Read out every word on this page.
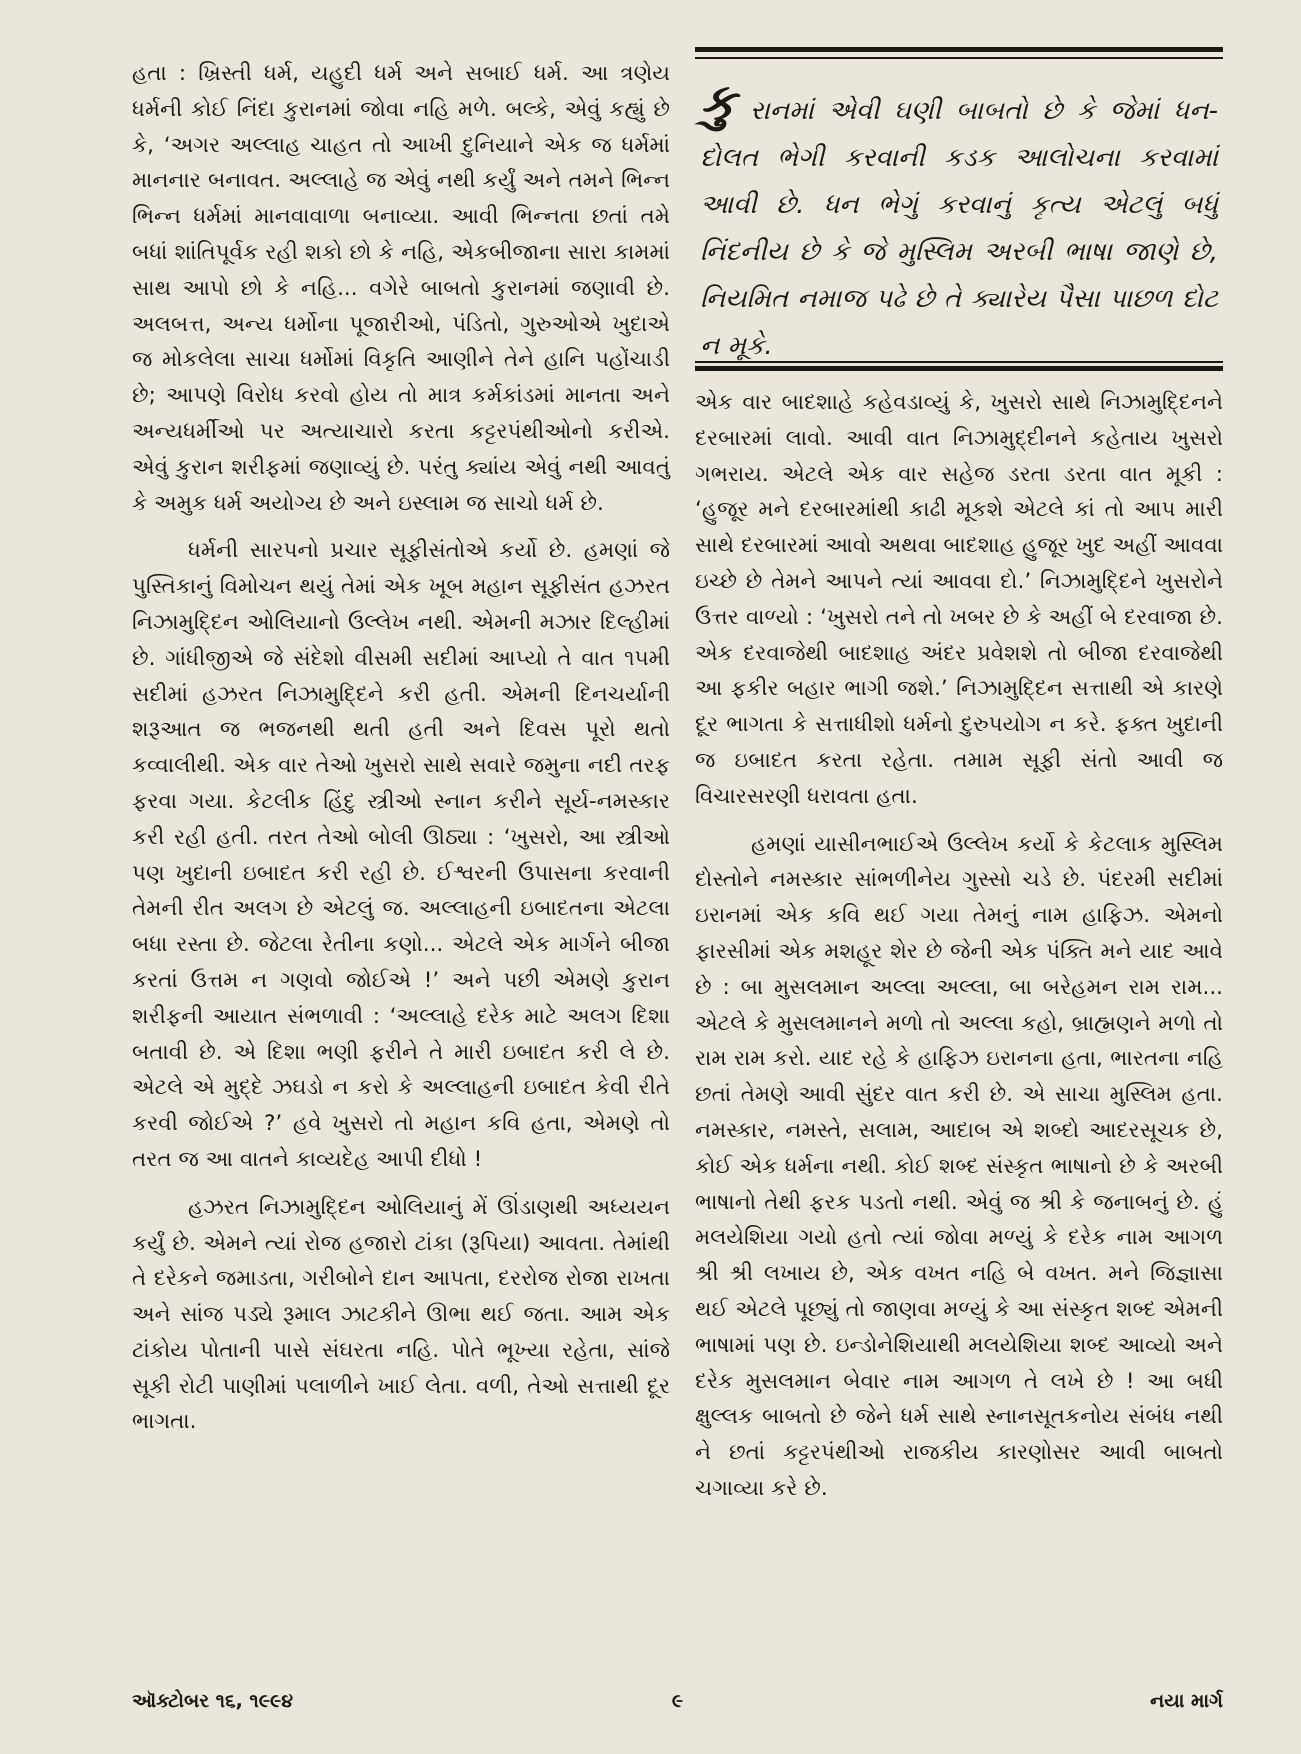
હતા : ખ્રિસ્તી ધર્મ, યહુદી ધર્મ અને સબાઈ ધર્મ. આ ત્રણેય ધર્મની કોઈ નિંદા કુરાનમાં જોવા નહિ મળે. બલ્કે, એવું કહ્યું છે કે, ‘અગર અલ્લાહ ચાહત તો આખી દુનિયાને એક જ ધર્મમાં માનનાર બનાવત. અલ્લાહે જ એવું નથી કર્યું અને તમને ભિન્ન ભિન્ન ધર્મમાં માનવાવાળા બનાવ્યા. આવી ભિન્નતા છતાં તમે બધાં શાંતિપૂર્વક રહી શકો છો કે નહિ, એકબીજાના સારા કામમાં સાથ આપો છો કે નહિ... વગેરે બાબતો કુરાનમાં જણાવી છે. અલબત્ત, અન્ય ધર્મોના પૂજારીઓ, પંડિતો, ગુરુઓએ ખુદાએ જ મોકલેલા સાચા ધર્મોમાં વિકૃતિ આણીને તેને હાનિ પહોંચાડી છે; આપણે વિરોધ કરવો હોય તો માત્ર કર્મકાંડમાં માનતા અને અન્યધર્મીઓ પર અત્યાચારો કરતા કટ્ટરપંથીઓનો કરીએ. એવું કુરાન શરીફમાં જણાવ્યું છે. પરંતુ ક્યાંય એવું નથી આવતું કે અમુક ધર્મ અયોગ્ય છે અને ઇસ્લામ જ સાચો ધર્મ છે.

ધર્મની સારપનો પ્રચાર સૂફીસંતોએ કર્યો છે. હમણાં જે પુસ્તિકાનું વિમોચન થયું તેમાં એક ખૂબ મહાન સૂફીસંત હઝરત નિઝામુદ્દિન ઓલિયાનો ઉલ્લેખ નથી. એમની મઝાર દિલ્હીમાં છે. ગાંધીજીએ જે સંદેશો વીસમી સદીમાં આપ્યો તે વાત ૧૫મી સદીમાં હઝરત નિઝામુદ્દિને કરી હતી. એમની દિનચર્યાની શરૂઆત જ ભજનથી થતી હતી અને દિવસ પૂરો થતો કવ્વાલીથી. એક વાર તેઓ ખુસરો સાથે સવારે જમુના નદી તરફ ફરવા ગયા. કેટલીક હિંદુ સ્ત્રીઓ સ્નાન કરીને સૂર્ય-નમસ્કાર કરી રહી હતી. તરત તેઓ બોલી ઊઠ્યા : ‘ખુસરો, આ સ્ત્રીઓ પણ ખુદાની ઇબાદત કરી રહી છે. ઈશ્વરની ઉપાસના કરવાની તેમની રીત અલગ છે એટલું જ. અલ્લાહની ઇબાદતના એટલા બધા રસ્તા છે. જેટલા રેતીના કણો... એટલે એક માર્ગને બીજા કરતાં ઉત્તમ ન ગણવો જોઈએ !’ અને પછી એમણે કુરાન શરીફની આયાત સંભળાવી : ‘અલ્લાહે દરેક માટે અલગ દિશા બતાવી છે. એ દિશા ભણી ફરીને તે મારી ઇબાદત કરી લે છે. એટલે એ મુદ્દે ઝઘડો ન કરો કે અલ્લાહની ઇબાદત કેવી રીતે કરવી જોઈએ ?’ હવે ખુસરો તો મહાન કવિ હતા, એમણે તો તરત જ આ વાતને કાવ્યદેહ આપી દીધો !

હઝરત નિઝામુદ્દિન ઓલિયાનું મેં ઊંડાણથી અધ્યયન કર્યું છે. એમને ત્યાં રોજ હજારો ટાંકા (રૂપિયા) આવતા. તેમાંથી તે દરેકને જમાડતા, ગરીબોને દાન આપતા, દરરોજ રોજા રાખતા અને સાંજ પડ્યે રૂમાલ ઝાટકીને ઊભા થઈ જતા. આમ એક ટાંકોય પોતાની પાસે સંઘરતા નહિ. પોતે ભૂખ્યા રહેતા, સાંજે સૂકી રોટી પાણીમાં પલાળીને ખાઈ લેતા. વળી, તેઓ સત્તાથી દૂર ભાગતા.

કુ રાનમાં એવી ઘણી બાબતો છે કે જેમાં ધન-દોલત ભેગી કરવાની કડક આલોચના કરવામાં આવી છે. ધન ભેગું કરવાનું કૃત્ય એટલું બધું નિંદનીય છે કે જે મુસ્લિમ અરબી ભાષા જાણે છે, નિયમિત નમાજ પઢે છે તે ક્યારેય પૈસા પાછળ દોટ ન મૂકે.

એક વાર બાદશાહે કહેવડાવ્યું કે, ખુસરો સાથે નિઝામુદ્દિનને દરબારમાં લાવો. આવી વાત નિઝામુદ્દીનને કહેતાય ખુસરો ગભરાય. એટલે એક વાર સહેજ ડરતા ડરતા વાત મૂકી : ‘હુજૂર મને દરબારમાંથી કાઢી મૂકશે એટલે કાં તો આપ મારી સાથે દરબારમાં આવો અથવા બાદશાહ હુજૂર ખુદ અહીં આવવા ઇચ્છે છે તેમને આપને ત્યાં આવવા દો.’ નિઝામુદ્દિને ખુસરોને ઉત્તર વાળ્યો : ‘ખુસરો તને તો ખબર છે કે અહીં બે દરવાજા છે. એક દરવાજેથી બાદશાહ અંદર પ્રવેશશે તો બીજા દરવાજેથી આ ફકીર બહાર ભાગી જશે.’ નિઝામુદ્દિન સત્તાથી એ કારણે દૂર ભાગતા કે સત્તાધીશો ધર્મનો દુરુપયોગ ન કરે. ફક્ત ખુદાની જ ઇબાદત કરતા રહેતા. તમામ સૂફી સંતો આવી જ વિચારસરણી ધરાવતા હતા.

હમણાં યાસીનભાઈએ ઉલ્લેખ કર્યો કે કેટલાક મુસ્લિમ દોસ્તોને નમસ્કાર સાંભળીનેય ગુસ્સો ચડે છે. પંદરમી સદીમાં ઇરાનમાં એક કવિ થઈ ગયા તેમનું નામ હાફિઝ. એમનો ફારસીમાં એક મશહૂર શેર છે જેની એક પંક્તિ મને યાદ આવે છે : બા મુસલમાન અલ્લા અલ્લા, બા બરેહમન રામ રામ... એટલે કે મુસલમાનને મળો તો અલ્લા કહો, બ્રાહ્મણને મળો તો રામ રામ કરો. યાદ રહે કે હાફિઝ ઇરાનના હતા, ભારતના નહિ છતાં તેમણે આવી સુંદર વાત કરી છે. એ સાચા મુસ્લિમ હતા. નમસ્કાર, નમસ્તે, સલામ, આદાબ એ શબ્દો આદરસૂચક છે, કોઈ એક ધર્મના નથી. કોઈ શબ્દ સંસ્કૃત ભાષાનો છે કે અરબી ભાષાનો તેથી ફરક પડતો નથી. એવું જ શ્રી કે જનાબનું છે. હું મલયેશિયા ગયો હતો ત્યાં જોવા મળ્યું કે દરેક નામ આગળ શ્રી શ્રી લખાય છે, એક વખત નહિ બે વખત. મને જિજ્ઞાસા થઈ એટલે પૂછ્યું તો જાણવા મળ્યું કે આ સંસ્કૃત શબ્દ એમની ભાષામાં પણ છે. ઇન્ડોનેશિયાથી મલયેશિયા શબ્દ આવ્યો અને દરેક મુસલમાન બેવાર નામ આગળ તે લખે છે ! આ બધી ક્ષુલ્લક બાબતો છે જેને ધર્મ સાથે સ્નાનસૂતકનોય સંબંધ નથી ને છતાં કટ્ટરપંથીઓ રાજકીય કારણોસર આવી બાબતો ચગાવ્યા કરે છે.

ઑક્ટોબર ૧૬, ૧૯૯૪	૯	નયા માર્ગ
